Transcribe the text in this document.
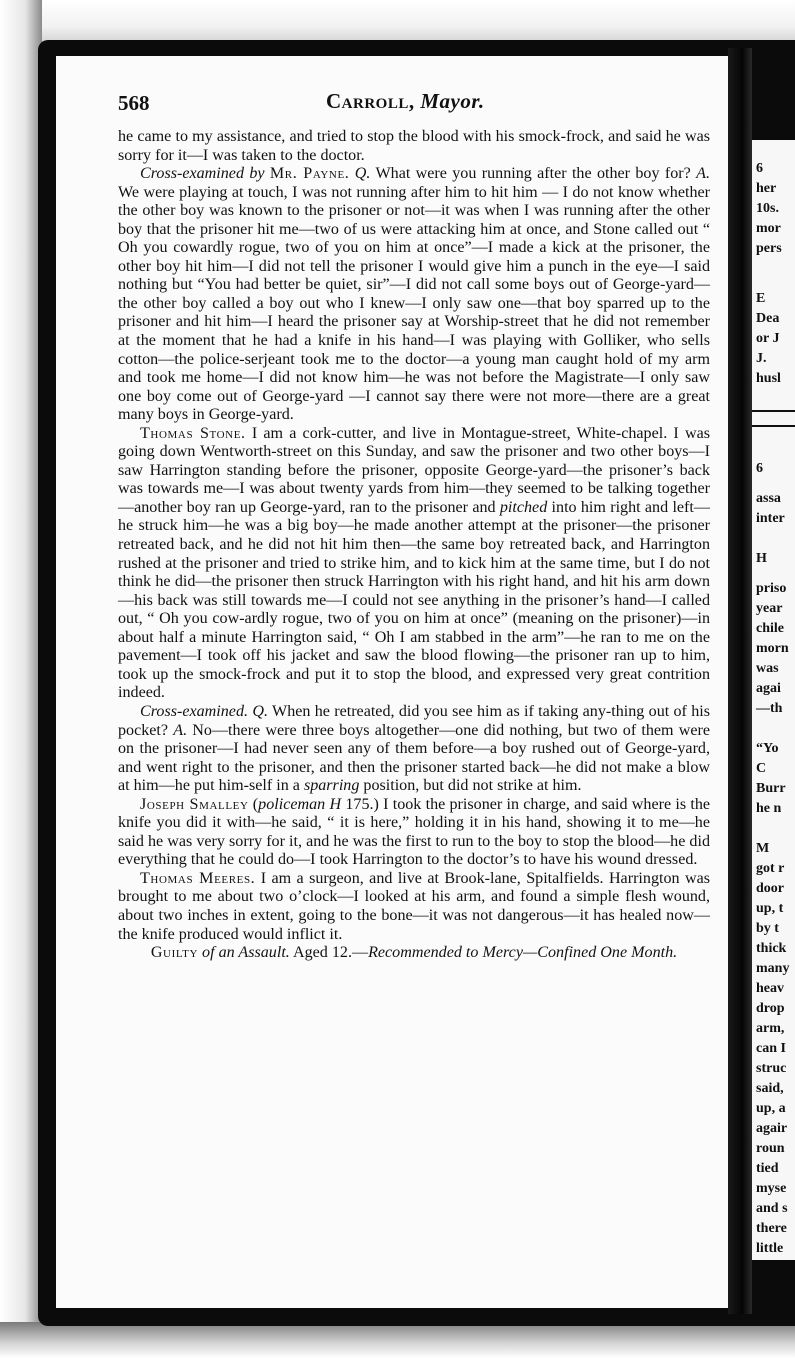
6
her
10s.
mor
pers
E
Dea
or J
J.
husl
6
assa
inter
H
priso
year
chile
morn
was
agai
—th
“Yo
C
Burr
he n
M
got r
door
up, t
by t
thick
many
heav
drop
arm,
can I
struc
said,
up, a
agair
roun
tied
myse
and s
there
little
568	Carroll, Mayor.

he came to my assistance, and tried to stop the blood with his smock-frock, and said he was sorry for it—I was taken to the doctor.

Cross-examined by Mr. Payne. Q. What were you running after the other boy for? A. We were playing at touch, I was not running after him to hit him — I do not know whether the other boy was known to the prisoner or not—it was when I was running after the other boy that the prisoner hit me—two of us were attacking him at once, and Stone called out “ Oh you cowardly rogue, two of you on him at once”—I made a kick at the prisoner, the other boy hit him—I did not tell the prisoner I would give him a punch in the eye—I said nothing but “You had better be quiet, sir”—I did not call some boys out of George-yard—the other boy called a boy out who I knew—I only saw one—that boy sparred up to the prisoner and hit him—I heard the prisoner say at Worship-street that he did not remember at the moment that he had a knife in his hand—I was playing with Golliker, who sells cotton—the police-serjeant took me to the doctor—a young man caught hold of my arm and took me home—I did not know him—he was not before the Magistrate—I only saw one boy come out of George-yard —I cannot say there were not more—there are a great many boys in George-yard.

Thomas Stone. I am a cork-cutter, and live in Montague-street, White-chapel. I was going down Wentworth-street on this Sunday, and saw the prisoner and two other boys—I saw Harrington standing before the prisoner, opposite George-yard—the prisoner’s back was towards me—I was about twenty yards from him—they seemed to be talking together—another boy ran up George-yard, ran to the prisoner and pitched into him right and left—he struck him—he was a big boy—he made another attempt at the prisoner—the prisoner retreated back, and he did not hit him then—the same boy retreated back, and Harrington rushed at the prisoner and tried to strike him, and to kick him at the same time, but I do not think he did—the prisoner then struck Harrington with his right hand, and hit his arm down—his back was still towards me—I could not see anything in the prisoner’s hand—I called out, “ Oh you cow-ardly rogue, two of you on him at once” (meaning on the prisoner)—in about half a minute Harrington said, “ Oh I am stabbed in the arm”—he ran to me on the pavement—I took off his jacket and saw the blood flowing—the prisoner ran up to him, took up the smock-frock and put it to stop the blood, and expressed very great contrition indeed.

Cross-examined. Q. When he retreated, did you see him as if taking any-thing out of his pocket? A. No—there were three boys altogether—one did nothing, but two of them were on the prisoner—I had never seen any of them before—a boy rushed out of George-yard, and went right to the prisoner, and then the prisoner started back—he did not make a blow at him—he put him-self in a sparring position, but did not strike at him.

Joseph Smalley (policeman H 175.) I took the prisoner in charge, and said where is the knife you did it with—he said, “ it is here,” holding it in his hand, showing it to me—he said he was very sorry for it, and he was the first to run to the boy to stop the blood—he did everything that he could do—I took Harrington to the doctor’s to have his wound dressed.

Thomas Meeres. I am a surgeon, and live at Brook-lane, Spitalfields. Harrington was brought to me about two o’clock—I looked at his arm, and found a simple flesh wound, about two inches in extent, going to the bone—it was not dangerous—it has healed now—the knife produced would inflict it.

Guilty of an Assault. Aged 12.—Recommended to Mercy—Confined One Month.
